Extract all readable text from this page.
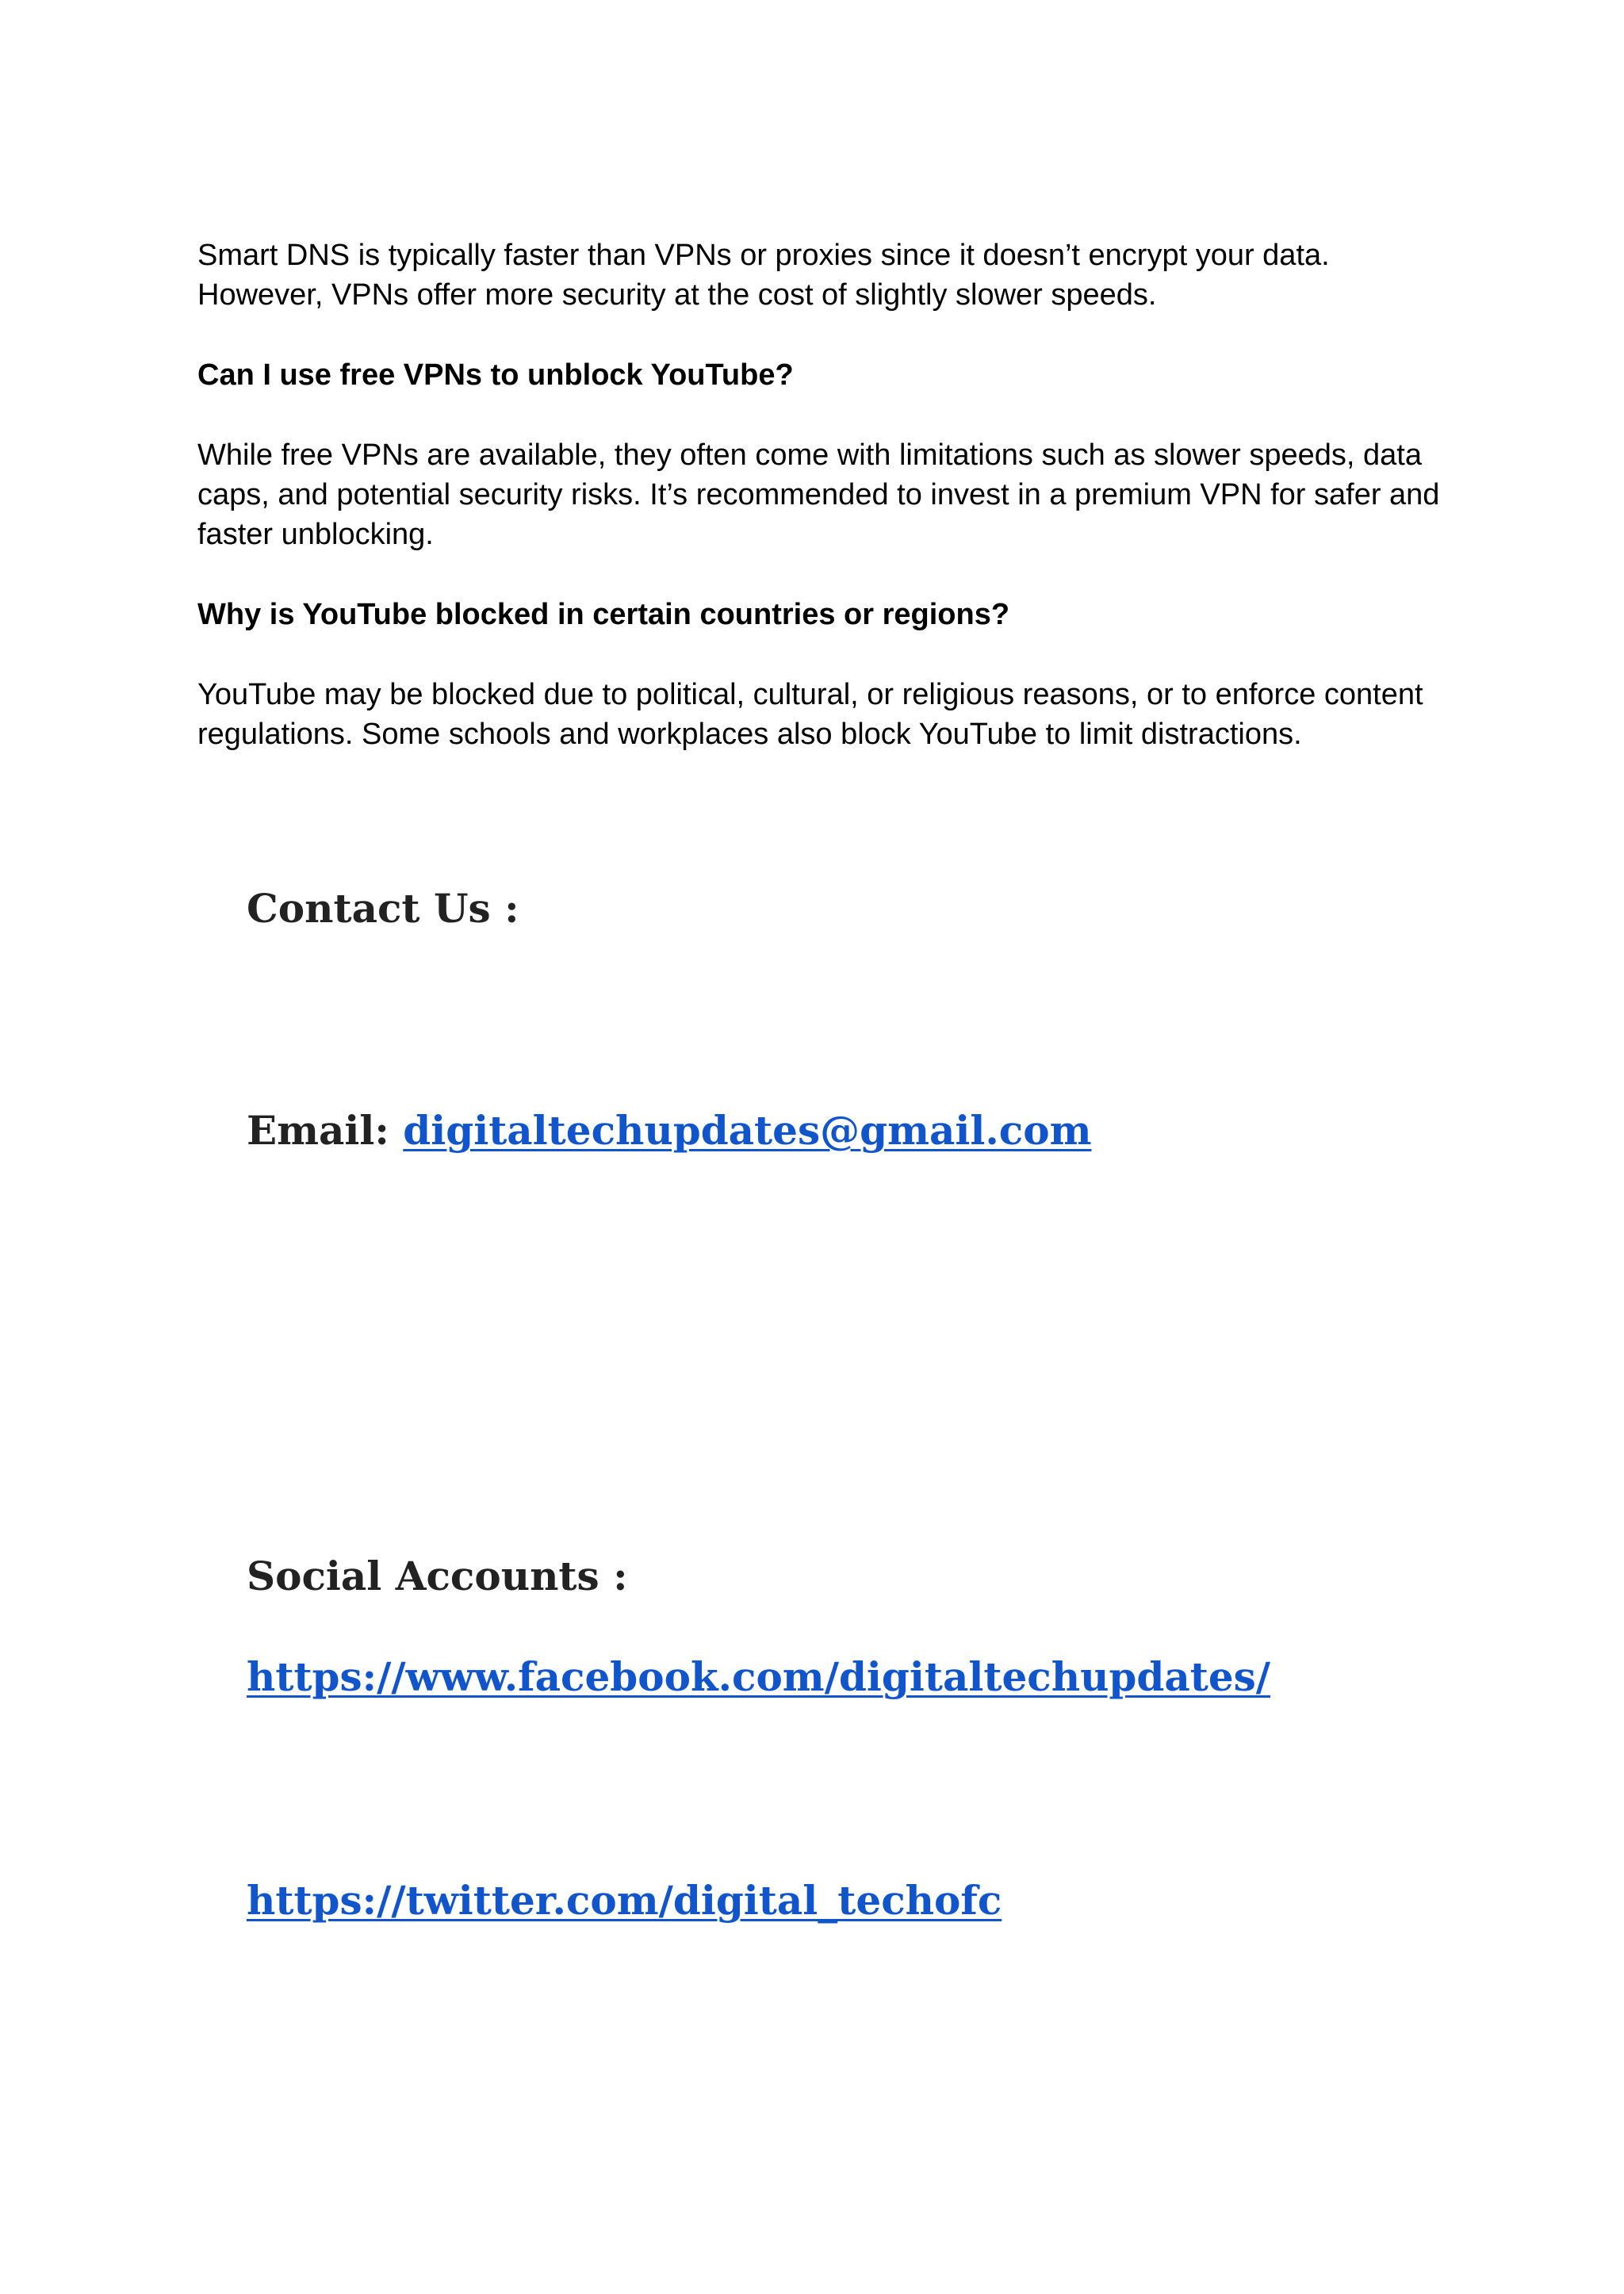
Smart DNS is typically faster than VPNs or proxies since it doesn’t encrypt your data. However, VPNs offer more security at the cost of slightly slower speeds.

Can I use free VPNs to unblock YouTube?

While free VPNs are available, they often come with limitations such as slower speeds, data caps, and potential security risks. It’s recommended to invest in a premium VPN for safer and faster unblocking.

Why is YouTube blocked in certain countries or regions?

YouTube may be blocked due to political, cultural, or religious reasons, or to enforce content regulations. Some schools and workplaces also block YouTube to limit distractions.

Contact Us :
Email: digitaltechupdates@gmail.com
Social Accounts :
https://www.facebook.com/digitaltechupdates/
https://twitter.com/digital_techofc
